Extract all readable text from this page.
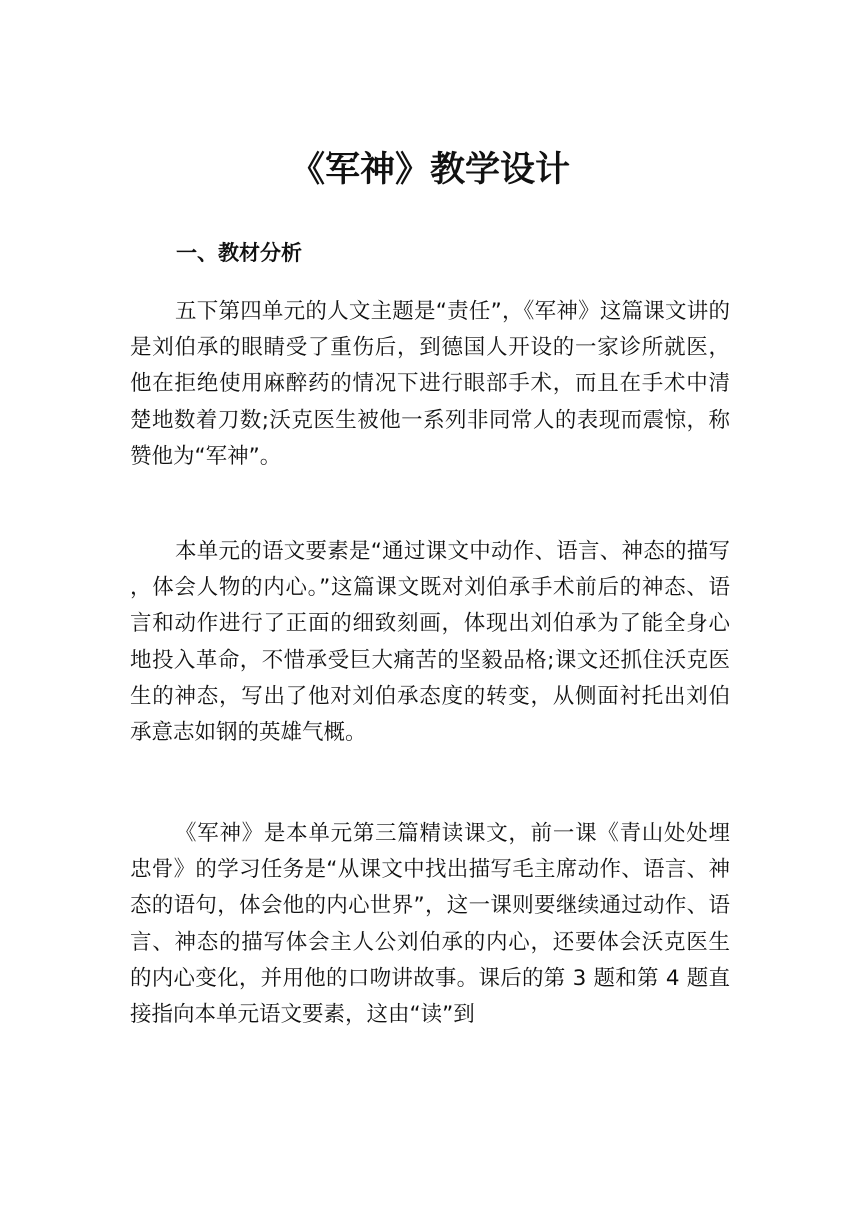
《军神》教学设计
一、教材分析
五下第四单元的人文主题是“责任”，《军神》这篇课文讲的是刘伯承的眼睛受了重伤后，到德国人开设的一家诊所就医，他在拒绝使用麻醉药的情况下进行眼部手术，而且在手术中清楚地数着刀数;沃克医生被他一系列非同常人的表现而震惊，称赞他为“军神”。
本单元的语文要素是“通过课文中动作、语言、神态的描写，体会人物的内心。”这篇课文既对刘伯承手术前后的神态、语言和动作进行了正面的细致刻画，体现出刘伯承为了能全身心地投入革命，不惜承受巨大痛苦的坚毅品格;课文还抓住沃克医生的神态，写出了他对刘伯承态度的转变，从侧面衬托出刘伯承意志如钢的英雄气概。
《军神》是本单元第三篇精读课文，前一课《青山处处埋忠骨》的学习任务是“从课文中找出描写毛主席动作、语言、神态的语句，体会他的内心世界”，这一课则要继续通过动作、语言、神态的描写体会主人公刘伯承的内心，还要体会沃克医生的内心变化，并用他的口吻讲故事。课后的第 3 题和第 4 题直接指向本单元语文要素，这由“读”到
